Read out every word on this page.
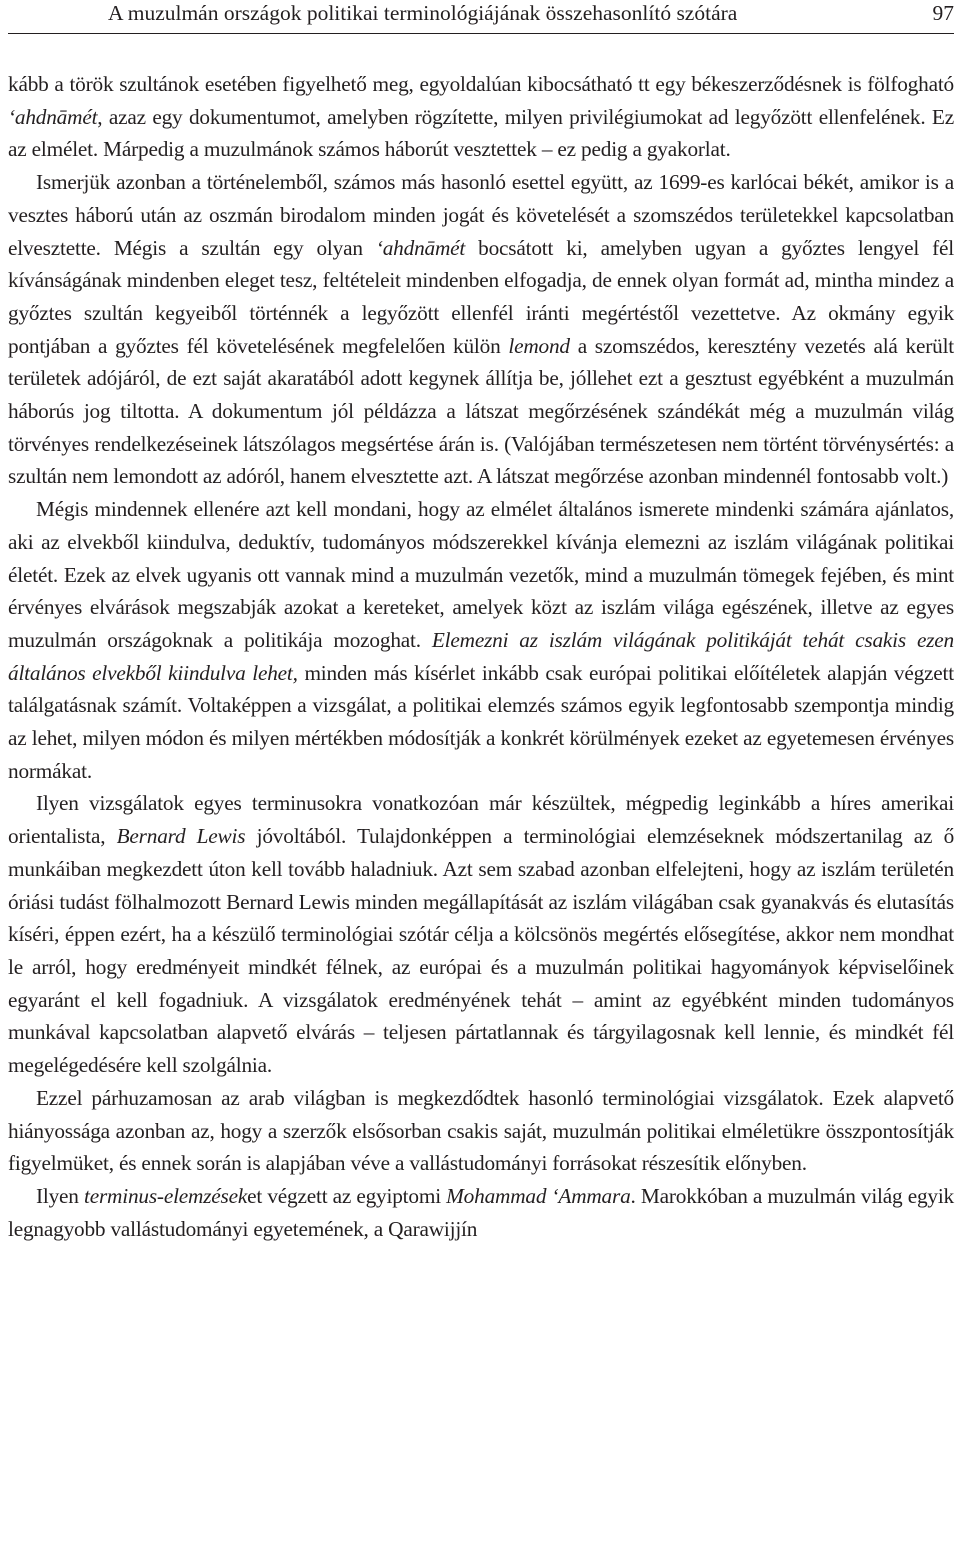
A muzulmán országok politikai terminológiájának összehasonlító szótára	97

kább a török szultánok esetében figyelhető meg, egyoldalúan kibocsátható tt egy békeszerződésnek is fölfogható ‘ahdnāmét, azaz egy dokumentumot, amelyben rögzítette, milyen privilégiumokat ad legyőzött ellenfelének. Ez az elmélet. Márpedig a muzulmánok számos háborút vesztettek – ez pedig a gyakorlat.

Ismerjük azonban a történelemből, számos más hasonló esettel együtt, az 1699-es karlócai békét, amikor is a vesztes háború után az oszmán birodalom minden jogát és követelését a szomszédos területekkel kapcsolatban elvesztette. Mégis a szultán egy olyan ‘ahdnāmét bocsátott ki, amelyben ugyan a győztes lengyel fél kívánságának mindenben eleget tesz, feltételeit mindenben elfogadja, de ennek olyan formát ad, mintha mindez a győztes szultán kegyeiből történnék a legyőzött ellenfél iránti megértéstől vezettetve. Az okmány egyik pontjában a győztes fél követelésének megfelelően külön lemond a szomszédos, keresztény vezetés alá került területek adójáról, de ezt saját akaratából adott kegynek állítja be, jóllehet ezt a gesztust egyébként a muzulmán háborús jog tiltotta. A dokumentum jól példázza a látszat megőrzésének szándékát még a muzulmán világ törvényes rendelkezéseinek látszólagos megsértése árán is. (Valójában természetesen nem történt törvénysértés: a szultán nem lemondott az adóról, hanem elvesztette azt. A látszat megőrzése azonban mindennél fontosabb volt.)

Mégis mindennek ellenére azt kell mondani, hogy az elmélet általános ismerete mindenki számára ajánlatos, aki az elvekből kiindulva, deduktív, tudományos módszerekkel kívánja elemezni az iszlám világának politikai életét. Ezek az elvek ugyanis ott vannak mind a muzulmán vezetők, mind a muzulmán tömegek fejében, és mint érvényes elvárások megszabják azokat a kereteket, amelyek közt az iszlám világa egészének, illetve az egyes muzulmán országoknak a politikája mozoghat. Elemezni az iszlám világának politikáját tehát csakis ezen általános elvekből kiindulva lehet, minden más kísérlet inkább csak európai politikai előítéletek alapján végzett találgatásnak számít. Voltaképpen a vizsgálat, a politikai elemzés számos egyik legfontosabb szempontja mindig az lehet, milyen módon és milyen mértékben módosítják a konkrét körülmények ezeket az egyetemesen érvényes normákat.

Ilyen vizsgálatok egyes terminusokra vonatkozóan már készültek, mégpedig leginkább a híres amerikai orientalista, Bernard Lewis jóvoltából. Tulajdonképpen a terminológiai elemzéseknek módszertanilag az ő munkáiban megkezdett úton kell tovább haladniuk. Azt sem szabad azonban elfelejteni, hogy az iszlám területén óriási tudást fölhalmozott Bernard Lewis minden megállapítását az iszlám világában csak gyanakvás és elutasítás kíséri, éppen ezért, ha a készülő terminológiai szótár célja a kölcsönös megértés elősegítése, akkor nem mondhat le arról, hogy eredményeit mindkét félnek, az európai és a muzulmán politikai hagyományok képviselőinek egyaránt el kell fogadniuk. A vizsgálatok eredményének tehát – amint az egyébként minden tudományos munkával kapcsolatban alapvető elvárás – teljesen pártatlannak és tárgyilagosnak kell lennie, és mindkét fél megelégedésére kell szolgálnia.

Ezzel párhuzamosan az arab világban is megkezdődtek hasonló terminológiai vizsgálatok. Ezek alapvető hiányossága azonban az, hogy a szerzők elsősorban csakis saját, muzulmán politikai elméletükre összpontosítják figyelmüket, és ennek során is alapjában véve a vallástudományi forrásokat részesítik előnyben.

Ilyen terminus-elemzéseket végzett az egyiptomi Mohammad ‘Ammara. Marokkóban a muzulmán világ egyik legnagyobb vallástudományi egyetemének, a Qarawijjín
